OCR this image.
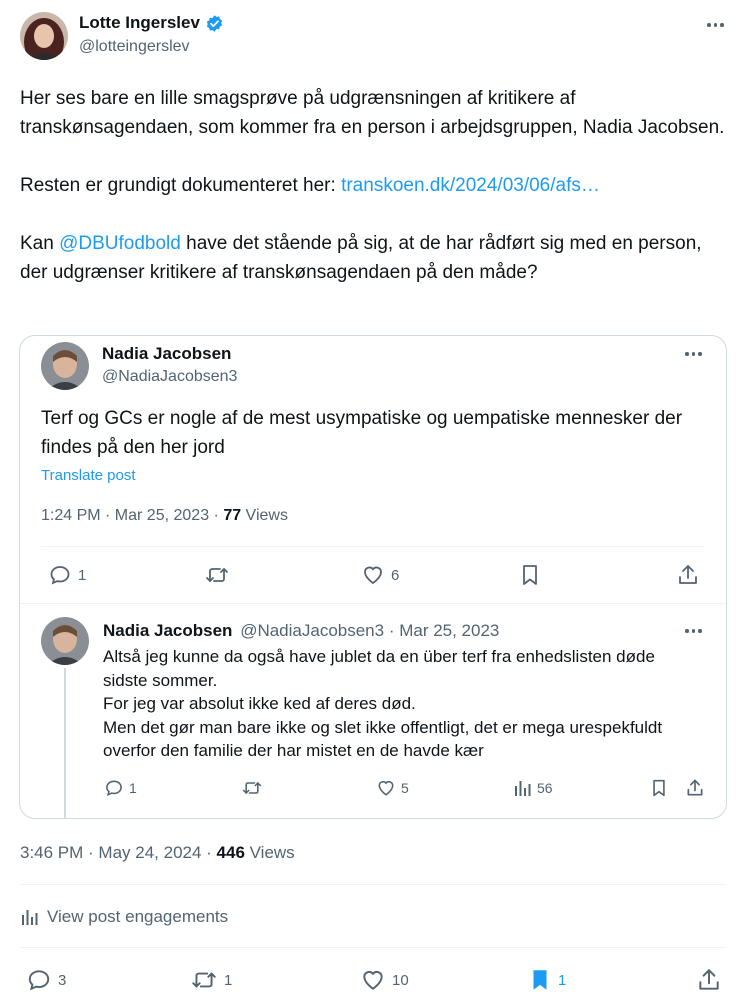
Lotte Ingerslev
@lotteingerslev

Her ses bare en lille smagsprøve på udgrænsningen af kritikere af transkønsagendaen, som kommer fra en person i arbejdsgruppen, Nadia Jacobsen.

Resten er grundigt dokumenteret her: transkoen.dk/2024/03/06/afs…

Kan @DBUfodbold have det stående på sig, at de har rådført sig med en person, der udgrænser kritikere af transkønsagendaen på den måde?

Nadia Jacobsen
@NadiaJacobsen3
Terf og GCs er nogle af de mest usympatiske og uempatiske mennesker der findes på den her jord
Translate post
1:24 PM · Mar 25, 2023 · 77 Views
1	6
Nadia Jacobsen @NadiaJacobsen3 · Mar 25, 2023
Altså jeg kunne da også have jublet da en über terf fra enhedslisten døde
sidste sommer.
For jeg var absolut ikke ked af deres død.
Men det gør man bare ikke og slet ikke offentligt, det er mega urespekfuldt
overfor den familie der har mistet en de havde kær
1	5	56
3:46 PM · May 24, 2024 · 446 Views
View post engagements
3	1	10	1
